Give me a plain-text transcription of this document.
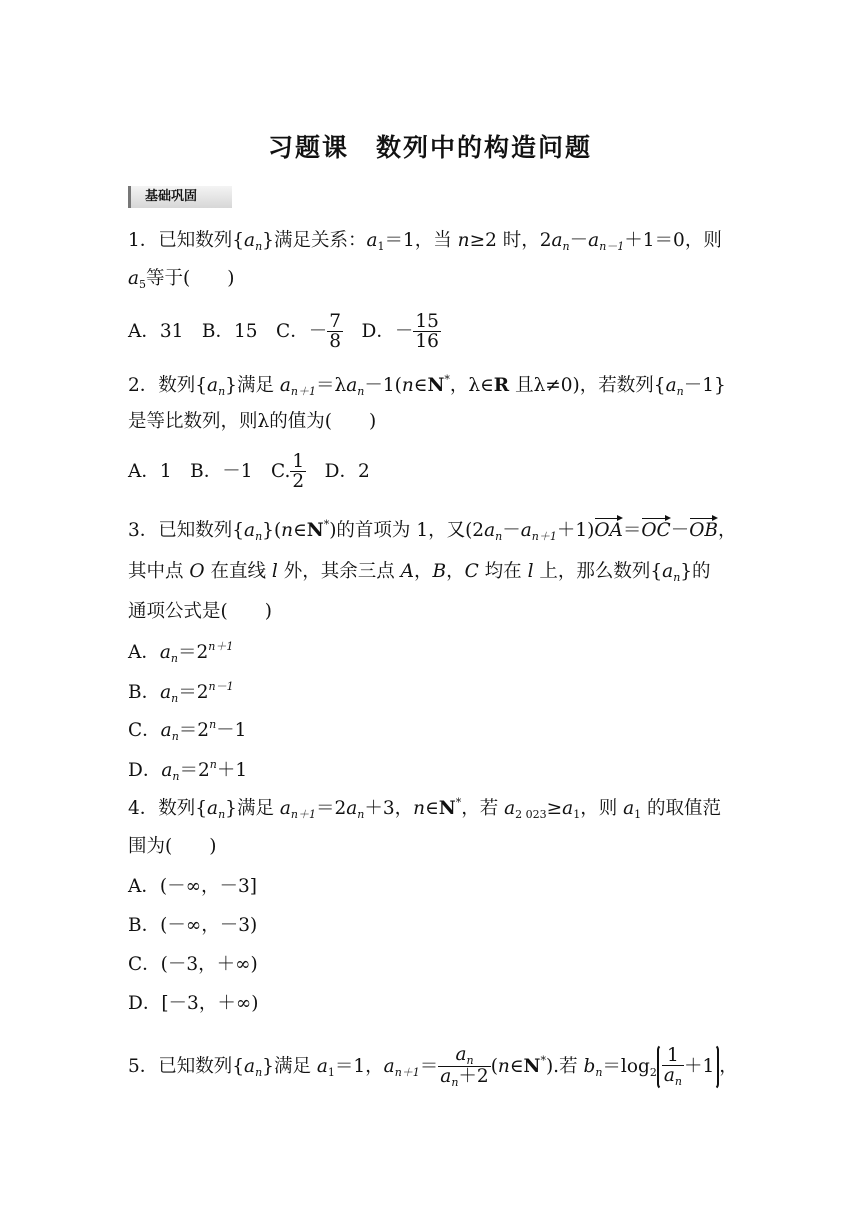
习题课　数列中的构造问题
基础巩固
1．已知数列$\{a_n\}$满足关系：$a_1=1$，当 n≥2 时，$2a_n-a_{n-1}+1=0$，则
$a_5$等于(　　)
A．31　B．15　C．－ $\frac{7}{8}$ 　D．－ $\frac{15}{16}$
2．数列$\{a_n\}$满足 $a_{n+1}=\lambda a_n-1(n\in N^*$，λ∈R 且λ≠0)，若数列$\{a_n-1\}$
是等比数列，则λ的值为(　　)
A．1　B．－1　C. $\frac{1}{2}$ 　D．2
3．已知数列$\{a_n\}(n\in N^*)$的首项为 1，又$(2a_n-a_{n+1}+1)OA=OC-OB$，
其中点 O 在直线 l 外，其余三点 A，B，C 均在 l 上，那么数列$\{a_n\}$的
通项公式是(　　)
A．$a_n=2^{n+1}$
B．$a_n=2^{n-1}$
C．$a_n=2^n-1$
D．$a_n=2^n+1$
4．数列$\{a_n\}$满足 $a_{n+1}=2a_n+3$，n∈N*，若 $a_{2 023}\ge a_1$，则 $a_1$ 的取值范
围为(　　)
A．(－∞，－3]
B．(－∞，－3)
C．(－3，＋∞)
D．[－3，＋∞)
5．已知数列$\{a_n\}$满足 $a_1=1$，$a_{n+1}= \frac{a_n}{a_n+2}$ (n∈N*).若 $b_n=\log_2 \frac{1}{a_n} +1$ ，
